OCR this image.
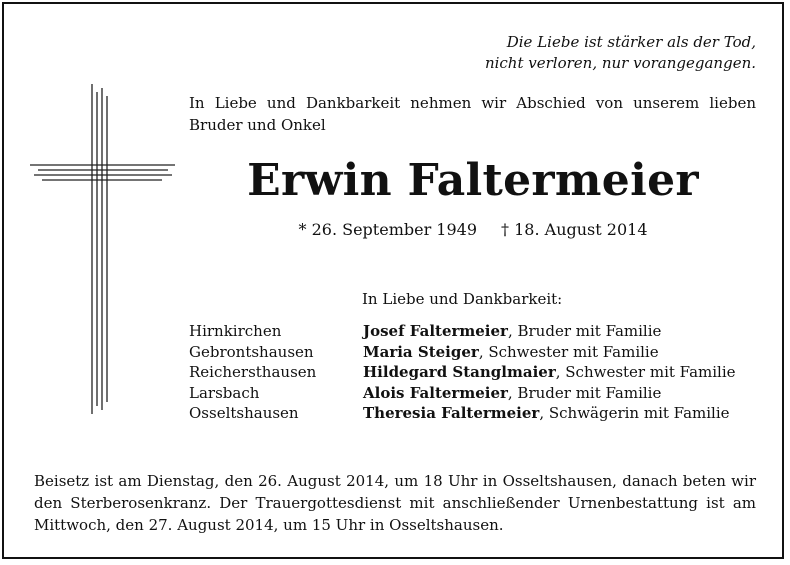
Die Liebe ist stärker als der Tod,
nicht verloren, nur vorangegangen.
In Liebe und Dankbarkeit nehmen wir Abschied von unserem lieben Bruder und Onkel
Erwin Faltermeier
* 26. September 1949 † 18. August 2014
In Liebe und Dankbarkeit:
Hirnkirchen	Josef Faltermeier, Bruder mit Familie
Gebrontshausen	Maria Steiger, Schwester mit Familie
Reichersthausen	Hildegard Stanglmaier, Schwester mit Familie
Larsbach	Alois Faltermeier, Bruder mit Familie
Osseltshausen	Theresia Faltermeier, Schwägerin mit Familie
Beisetz ist am Dienstag, den 26. August 2014, um 18 Uhr in Osseltshausen, danach beten wir den Sterberosenkranz. Der Trauergottesdienst mit anschließender Urnenbestattung ist am Mittwoch, den 27. August 2014, um 15 Uhr in Osseltshausen.
